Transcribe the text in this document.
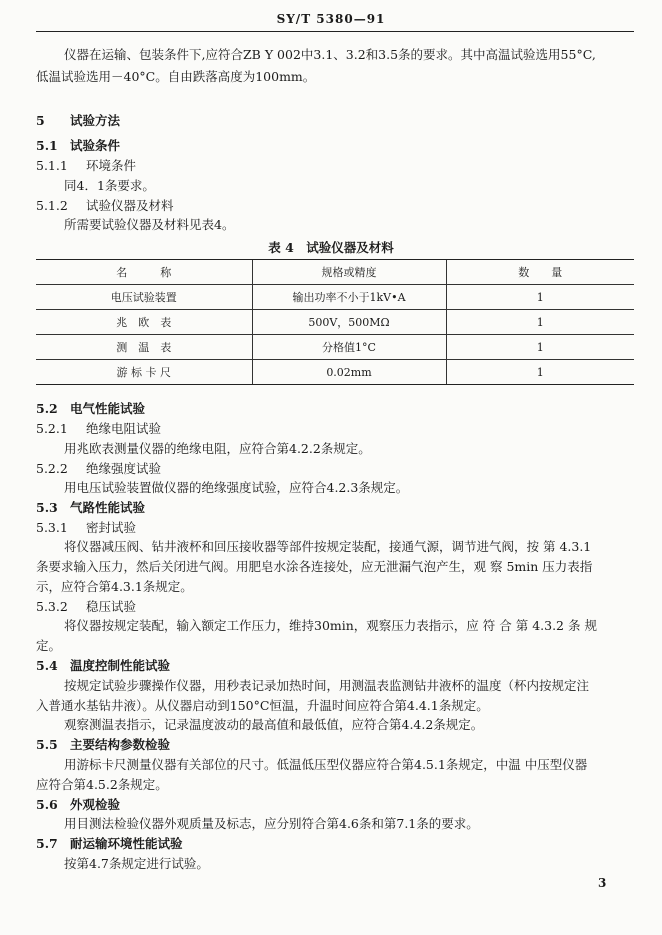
SY/T 5380—91
仪器在运输、包装条件下,应符合ZB Y 002中3.1、3.2和3.5条的要求。其中高温试验选用55°C,
低温试验选用－40°C。自由跌落高度为100mm。
5 试验方法
5.1 试验条件
5.1.1 环境条件
同4．1条要求。
5.1.2 试验仪器及材料
所需要试验仪器及材料见表4。
表 4　试验仪器及材料
名　　　称	规格或精度	数　　量
电压试验装置	输出功率不小于1kV•A	1
兆　欧　表	500V，500MΩ	1
测　温　表	分格值1°C	1
游 标 卡 尺	0.02mm	1
5.2 电气性能试验
5.2.1 绝缘电阻试验
用兆欧表测量仪器的绝缘电阻，应符合第4.2.2条规定。
5.2.2 绝缘强度试验
用电压试验装置做仪器的绝缘强度试验，应符合4.2.3条规定。
5.3 气路性能试验
5.3.1 密封试验
将仪器减压阀、钻井液杯和回压接收器等部件按规定装配，接通气源，调节进气阀，按 第 4.3.1
条要求输入压力，然后关闭进气阀。用肥皂水涂各连接处，应无泄漏气泡产生，观 察 5min 压力表指
示，应符合第4.3.1条规定。
5.3.2 稳压试验
将仪器按规定装配，输入额定工作压力，维持30min，观察压力表指示，应 符 合 第 4.3.2 条 规
定。
5.4 温度控制性能试验
按规定试验步骤操作仪器，用秒表记录加热时间，用测温表监测钻井液杯的温度（杯内按规定注
入普通水基钻井液）。从仪器启动到150°C恒温，升温时间应符合第4.4.1条规定。
观察测温表指示，记录温度波动的最高值和最低值，应符合第4.4.2条规定。
5.5 主要结构参数检验
用游标卡尺测量仪器有关部位的尺寸。低温低压型仪器应符合第4.5.1条规定，中温 中压型仪器
应符合第4.5.2条规定。
5.6 外观检验
用目测法检验仪器外观质量及标志，应分别符合第4.6条和第7.1条的要求。
5.7 耐运输环境性能试验
按第4.7条规定进行试验。
3
